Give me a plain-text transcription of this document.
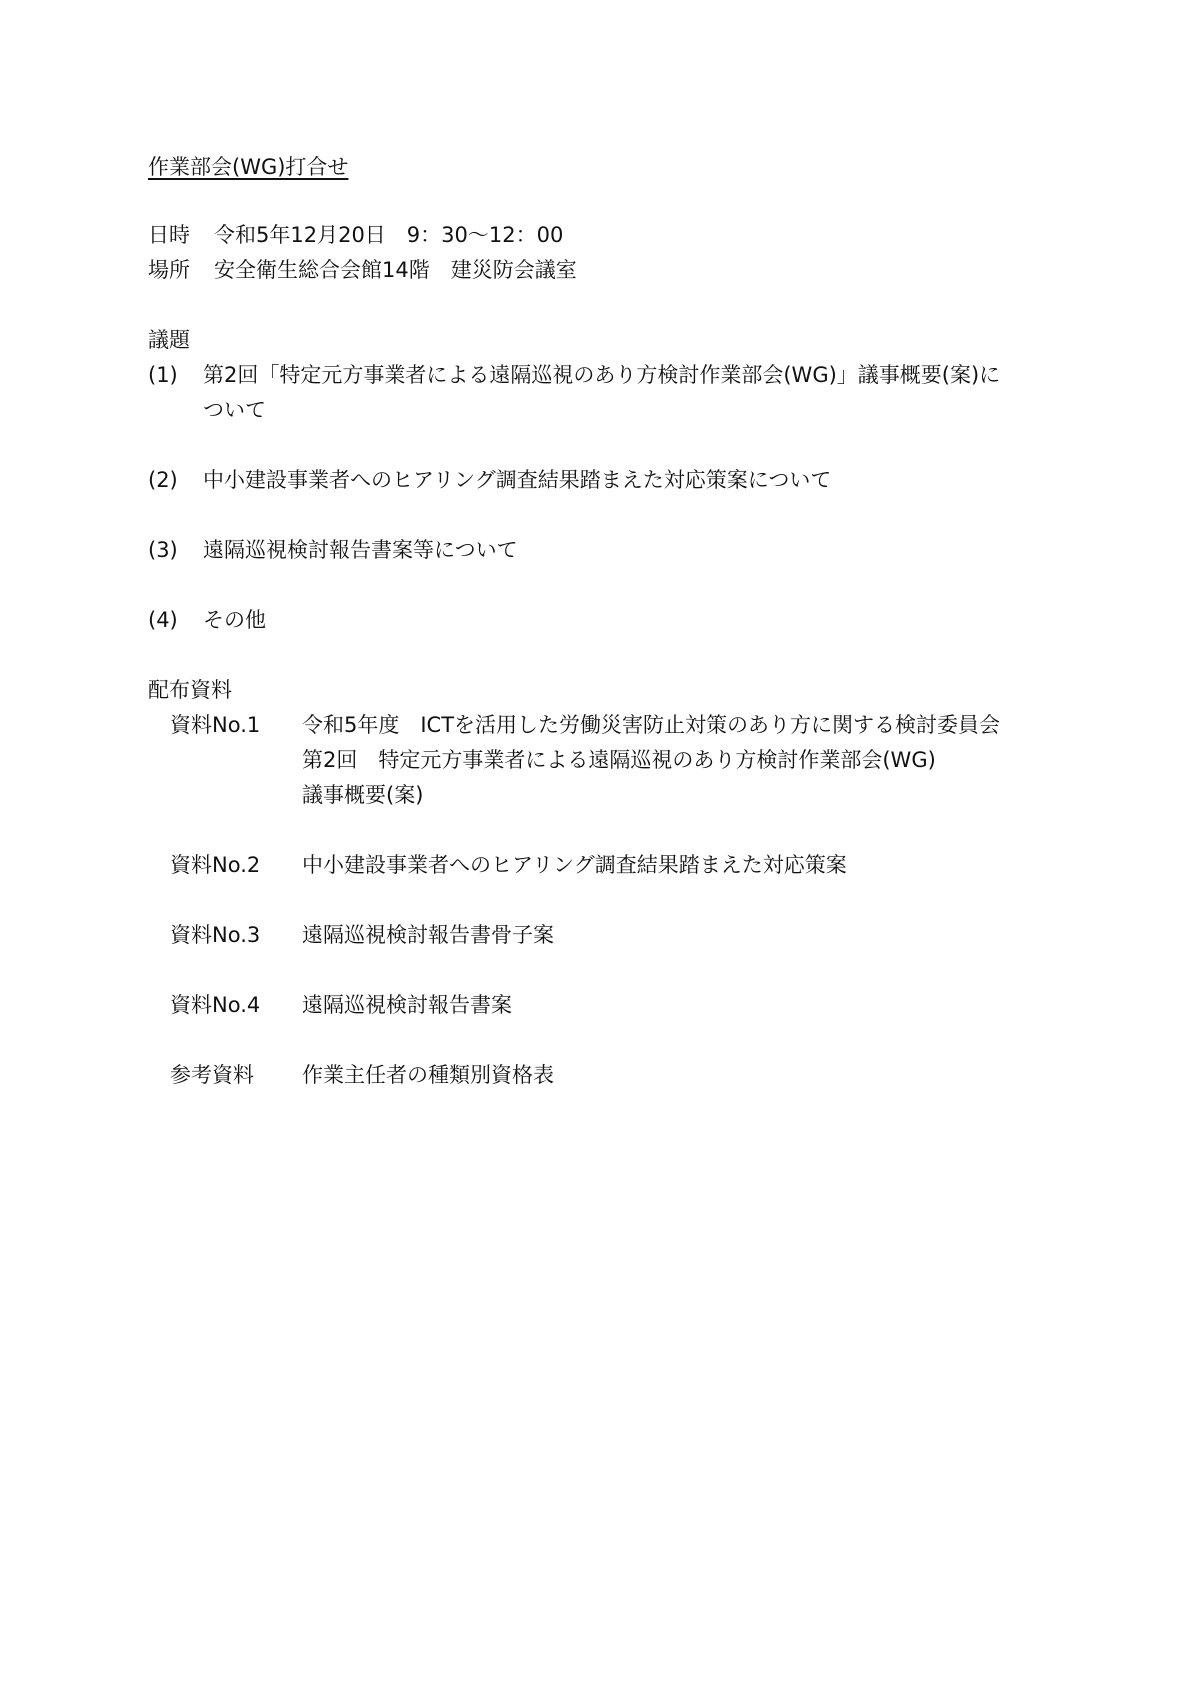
作業部会(WG)打合せ
日時 令和5年12月20日　9：30～12：00
場所 安全衛生総合会館14階　建災防会議室
議題
(1) 第2回「特定元方事業者による遠隔巡視のあり方検討作業部会(WG)」議事概要(案)に
ついて
(2) 中小建設事業者へのヒアリング調査結果踏まえた対応策案について
(3) 遠隔巡視検討報告書案等について
(4) その他
配布資料
資料No.1 令和5年度　ICTを活用した労働災害防止対策のあり方に関する検討委員会
第2回　特定元方事業者による遠隔巡視のあり方検討作業部会(WG)
議事概要(案)
資料No.2 中小建設事業者へのヒアリング調査結果踏まえた対応策案
資料No.3 遠隔巡視検討報告書骨子案
資料No.4 遠隔巡視検討報告書案
参考資料 作業主任者の種類別資格表
